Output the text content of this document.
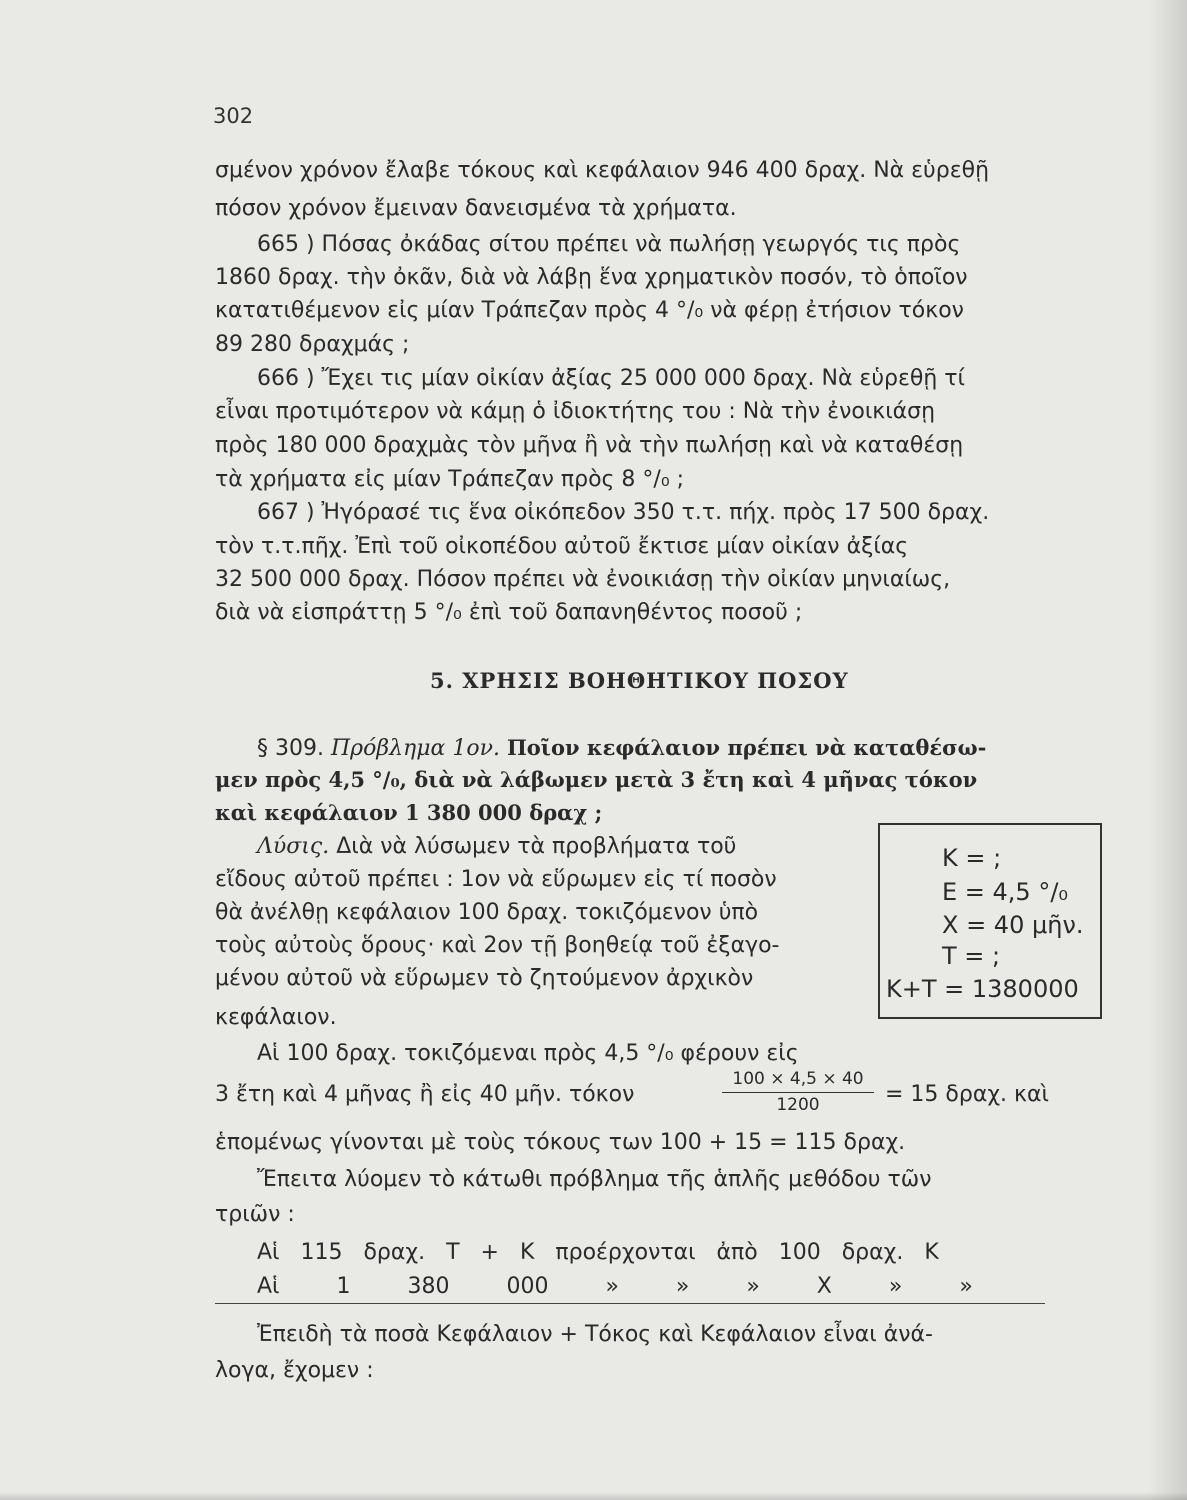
302
σμένον χρόνον ἔλαβε τόκους καὶ κεφάλαιον 946 400 δραχ. Νὰ εὑρεθῇ
πόσον χρόνον ἔμειναν δανεισμένα τὰ χρήματα.
665 ) Πόσας ὀκάδας σίτου πρέπει νὰ πωλήσῃ γεωργός τις πρὸς
1860 δραχ. τὴν ὀκᾶν, διὰ νὰ λάβῃ ἕνα χρηματικὸν ποσόν, τὸ ὁποῖον
κατατιθέμενον εἰς μίαν Τράπεζαν πρὸς 4 °/₀ νὰ φέρῃ ἐτήσιον τόκον
89 280 δραχμάς ;
666 ) Ἔχει τις μίαν οἰκίαν ἀξίας 25 000 000 δραχ. Νὰ εὑρεθῇ τί
εἶναι προτιμότερον νὰ κάμῃ ὁ ἰδιοκτήτης του : Νὰ τὴν ἐνοικιάσῃ
πρὸς 180 000 δραχμὰς τὸν μῆνα ἢ νὰ τὴν πωλήσῃ καὶ νὰ καταθέσῃ
τὰ χρήματα εἰς μίαν Τράπεζαν πρὸς 8 °/₀ ;
667 ) Ἠγόρασέ τις ἕνα οἰκόπεδον 350 τ.τ. πήχ. πρὸς 17 500 δραχ.
τὸν τ.τ.πῆχ. Ἐπὶ τοῦ οἰκοπέδου αὐτοῦ ἔκτισε μίαν οἰκίαν ἀξίας
32 500 000 δραχ. Πόσον πρέπει νὰ ἐνοικιάσῃ τὴν οἰκίαν μηνιαίως,
διὰ νὰ εἰσπράττῃ 5 °/₀ ἐπὶ τοῦ δαπανηθέντος ποσοῦ ;
5. ΧΡΗΣΙΣ ΒΟΗΘΗΤΙΚΟΥ ΠΟΣΟΥ
§ 309. Πρόβλημα 1ον. Ποῖον κεφάλαιον πρέπει νὰ καταθέσω-
μεν πρὸς 4,5 °/₀, διὰ νὰ λάβωμεν μετὰ 3 ἔτη καὶ 4 μῆνας τόκον
καὶ κεφάλαιον 1 380 000 δραχ ;
Λύσις. Διὰ νὰ λύσωμεν τὰ προβλήματα τοῦ
εἴδους αὐτοῦ πρέπει : 1ον νὰ εὕρωμεν εἰς τί ποσὸν
θὰ ἀνέλθῃ κεφάλαιον 100 δραχ. τοκιζόμενον ὑπὸ
τοὺς αὐτοὺς ὅρους· καὶ 2ον τῇ βοηθείᾳ τοῦ ἐξαγο-
μένου αὐτοῦ νὰ εὕρωμεν τὸ ζητούμενον ἀρχικὸν
κεφάλαιον.
K = ;
E = 4,5 °/₀
X = 40 μῆν.
T = ;
K+T = 1380000
Αἱ 100 δραχ. τοκιζόμεναι πρὸς 4,5 °/₀ φέρουν εἰς
3 ἔτη καὶ 4 μῆνας ἢ εἰς 40 μῆν. τόκον
100 × 4,5 × 40
1200	= 15 δραχ. καὶ
ἑπομένως γίνονται μὲ τοὺς τόκους των 100 + 15 = 115 δραχ.
Ἔπειτα λύομεν τὸ κάτωθι πρόβλημα τῆς ἁπλῆς μεθόδου τῶν
τριῶν :
Αἱ 115 δραχ. Τ + Κ προέρχονται ἀπὸ 100 δραχ. Κ
Αἱ 1 380 000 » » » Χ » »
Ἐπειδὴ τὰ ποσὰ Κεφάλαιον + Τόκος καὶ Κεφάλαιον εἶναι ἀνά-
λογα, ἔχομεν :
